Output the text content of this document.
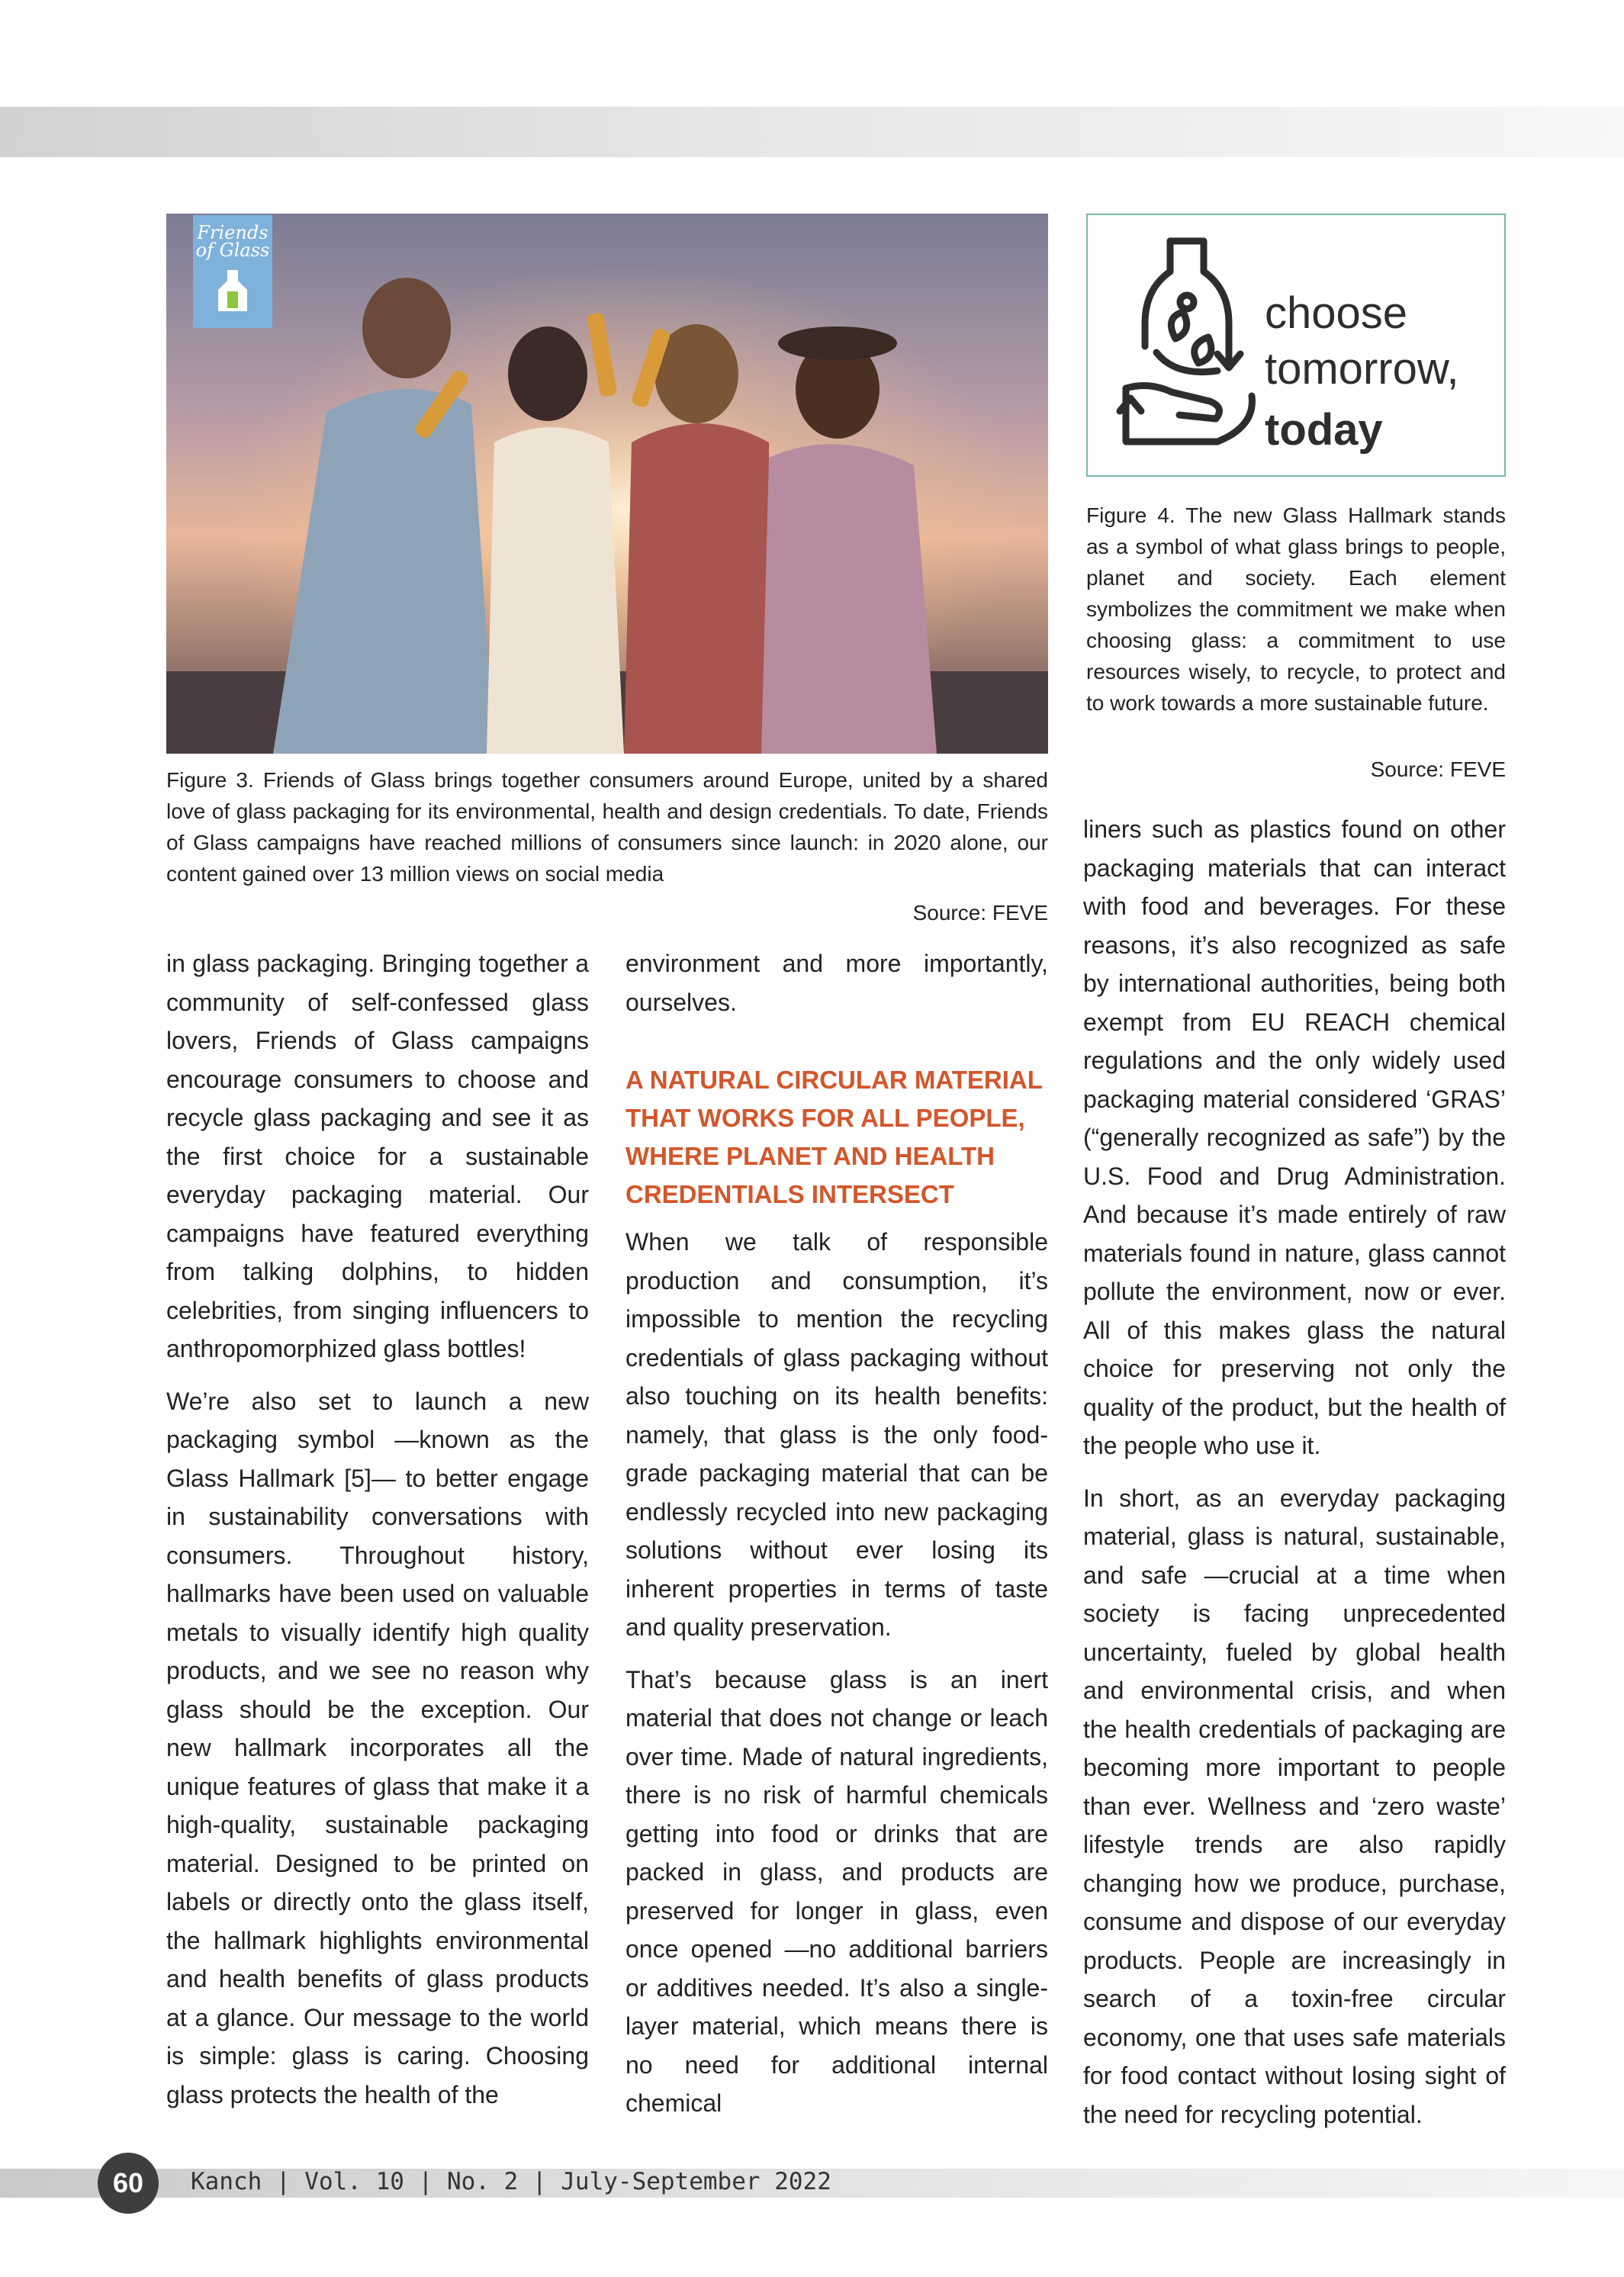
Friends of Glass

Figure 3. Friends of Glass brings together consumers around Europe, united by a shared love of glass packaging for its environmental, health and design credentials. To date, Friends of Glass campaigns have reached millions of consumers since launch: in 2020 alone, our content gained over 13 million views on social media

Source: FEVE

choose
tomorrow,
today

Figure 4. The new Glass Hallmark stands as a symbol of what glass brings to people, planet and society. Each element symbolizes the commitment we make when choosing glass: a commitment to use resources wisely, to recycle, to protect and to work towards a more sustainable future.

Source: FEVE

in glass packaging. Bringing together a community of self-confessed glass lovers, Friends of Glass campaigns encourage consumers to choose and recycle glass packaging and see it as the first choice for a sustainable everyday packaging material. Our campaigns have featured everything from talking dolphins, to hidden celebrities, from singing influencers to anthropomorphized glass bottles!

We’re also set to launch a new packaging symbol —known as the Glass Hallmark [5]— to better engage in sustainability conversations with consumers. Throughout history, hallmarks have been used on valuable metals to visually identify high quality products, and we see no reason why glass should be the exception. Our new hallmark incorporates all the unique features of glass that make it a high-quality, sustainable packaging material. Designed to be printed on labels or directly onto the glass itself, the hallmark highlights environmental and health benefits of glass products at a glance. Our message to the world is simple: glass is caring. Choosing glass protects the health of the

environment and more importantly, ourselves.

A NATURAL CIRCULAR MATERIAL THAT WORKS FOR ALL PEOPLE, WHERE PLANET AND HEALTH CREDENTIALS INTERSECT

When we talk of responsible production and consumption, it’s impossible to mention the recycling credentials of glass packaging without also touching on its health benefits: namely, that glass is the only food-grade packaging material that can be endlessly recycled into new packaging solutions without ever losing its inherent properties in terms of taste and quality preservation.

That’s because glass is an inert material that does not change or leach over time. Made of natural ingredients, there is no risk of harmful chemicals getting into food or drinks that are packed in glass, and products are preserved for longer in glass, even once opened —no additional barriers or additives needed. It’s also a single-layer material, which means there is no need for additional internal chemical

liners such as plastics found on other packaging materials that can interact with food and beverages. For these reasons, it’s also recognized as safe by international authorities, being both exempt from EU REACH chemical regulations and the only widely used packaging material considered ‘GRAS’ (“generally recognized as safe”) by the U.S. Food and Drug Administration. And because it’s made entirely of raw materials found in nature, glass cannot pollute the environment, now or ever. All of this makes glass the natural choice for preserving not only the quality of the product, but the health of the people who use it.

In short, as an everyday packaging material, glass is natural, sustainable, and safe —crucial at a time when society is facing unprecedented uncertainty, fueled by global health and environmental crisis, and when the health credentials of packaging are becoming more important to people than ever. Wellness and ‘zero waste’ lifestyle trends are also rapidly changing how we produce, purchase, consume and dispose of our everyday products. People are increasingly in search of a toxin-free circular economy, one that uses safe materials for food contact without losing sight of the need for recycling potential.

60	Kanch | Vol. 10 | No. 2 | July-September 2022
